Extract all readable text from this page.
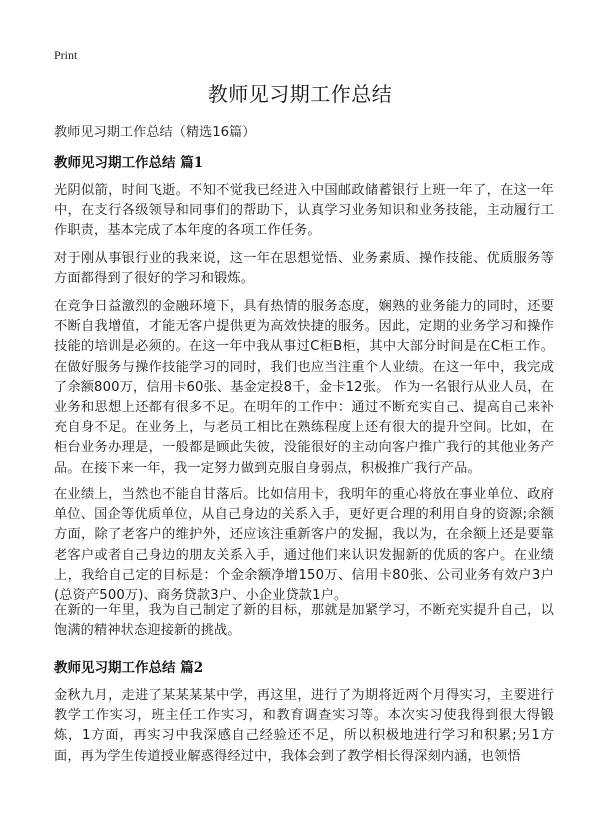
Print
教师见习期工作总结

教师见习期工作总结（精选16篇）

教师见习期工作总结 篇1

光阴似箭，时间飞逝。不知不觉我已经进入中国邮政储蓄银行上班一年了，在这一年中，在支行各级领导和同事们的帮助下，认真学习业务知识和业务技能，主动履行工作职责，基本完成了本年度的各项工作任务。

对于刚从事银行业的我来说，这一年在思想觉悟、业务素质、操作技能、优质服务等方面都得到了很好的学习和锻炼。

在竞争日益激烈的金融环境下，具有热情的服务态度，娴熟的业务能力的同时，还要不断自我增值，才能无客户提供更为高效快捷的服务。因此，定期的业务学习和操作技能的培训是必须的。在这一年中我从事过C柜B柜，其中大部分时间是在C柜工作。在做好服务与操作技能学习的同时，我们也应当注重个人业绩。在这一年中，我完成了余额800万，信用卡60张、基金定投8千，金卡12张。 作为一名银行从业人员，在业务和思想上还都有很多不足。在明年的工作中：通过不断充实自己、提高自己来补充自身不足。在业务上，与老员工相比在熟练程度上还有很大的提升空间。比如，在柜台业务办理是，一般都是顾此失彼，没能很好的主动向客户推广我行的其他业务产品。在接下来一年，我一定努力做到克服自身弱点，积极推广我行产品。

在业绩上，当然也不能自甘落后。比如信用卡，我明年的重心将放在事业单位、政府单位、国企等优质单位，从自己身边的关系入手，更好更合理的利用自身的资源;余额方面，除了老客户的维护外，还应该注重新客户的发掘，我以为，在余额上还是要靠老客户或者自己身边的朋友关系入手，通过他们来认识发掘新的优质的客户。在业绩上，我给自己定的目标是：个金余额净增150万、信用卡80张、公司业务有效户3户(总资产500万)、商务贷款3户、小企业贷款1户。

在新的一年里，我为自己制定了新的目标，那就是加紧学习，不断充实提升自己，以饱满的精神状态迎接新的挑战。

教师见习期工作总结 篇2

金秋九月，走进了某某某某中学，再这里，进行了为期将近两个月得实习，主要进行教学工作实习，班主任工作实习，和教育调查实习等。本次实习使我得到很大得锻炼，1方面，再实习中我深感自己经验还不足，所以积极地进行学习和积累;另1方面，再为学生传道授业解惑得经过中，我体会到了教学相长得深刻内涵，也领悟
